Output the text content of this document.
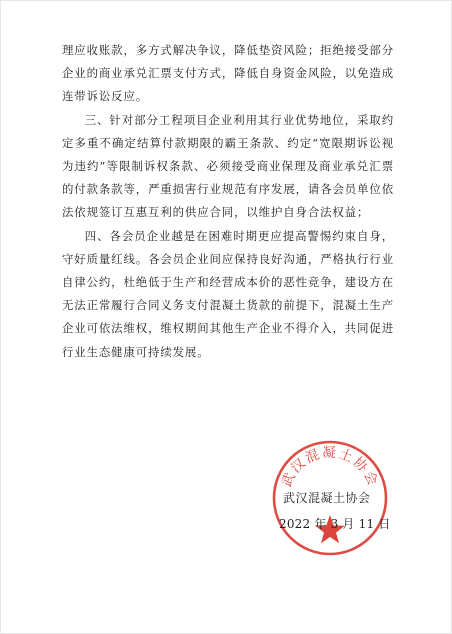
理应收账款，多方式解决争议，降低垫资风险；拒绝接受部分企业的商业承兑汇票支付方式，降低自身资金风险，以免造成连带诉讼反应。

三、针对部分工程项目企业利用其行业优势地位，采取约定多重不确定结算付款期限的霸王条款、约定“宽限期诉讼视为违约”等限制诉权条款、必须接受商业保理及商业承兑汇票的付款条款等，严重损害行业规范有序发展，请各会员单位依法依规签订互惠互利的供应合同，以维护自身合法权益；

四、各会员企业越是在困难时期更应提高警惕约束自身，守好质量红线。各会员企业间应保持良好沟通，严格执行行业自律公约，杜绝低于生产和经营成本价的恶性竞争，建设方在无法正常履行合同义务支付混凝土货款的前提下，混凝土生产企业可依法维权，维权期间其他生产企业不得介入，共同促进行业生态健康可持续发展。

武汉混凝土协会
武汉混凝土协会
2022 年 3 月 11 日
